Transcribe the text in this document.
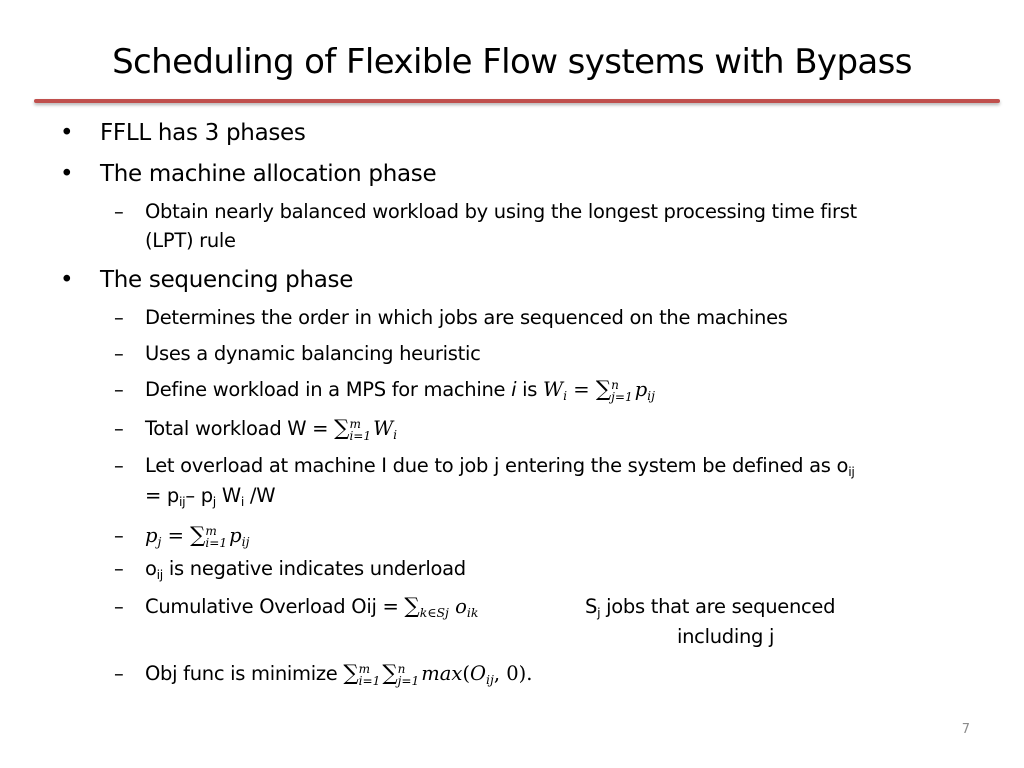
Scheduling of Flexible Flow systems with Bypass
• FFLL has 3 phases
• The machine allocation phase
– Obtain nearly balanced workload by using the longest processing time first
(LPT) rule
• The sequencing phase
– Determines the order in which jobs are sequenced on the machines
– Uses a dynamic balancing heuristic
– Define workload in a MPS for machine i is $W_i$ = ∑ n
j=1 $p_{ij}$
– Total workload W = ∑ m
i=1 $W_i$
– Let overload at machine I due to job j entering the system be defined as $o_{ij}$
= $p_{ij}-$ $p_j$ $W_i$ /W
– $p_j$ = ∑ m
i=1 $p_{ij}$
– $o_{ij}$ is negative indicates underload
– Cumulative Overload Oij = $\sum_{k\in Sj}$ $o_{ik}$	$S_j$ jobs that are sequenced
including j
– Obj func is minimize ∑ m
i=1 ∑ n
j=1 $\max(O_{ij}$, 0).
7
